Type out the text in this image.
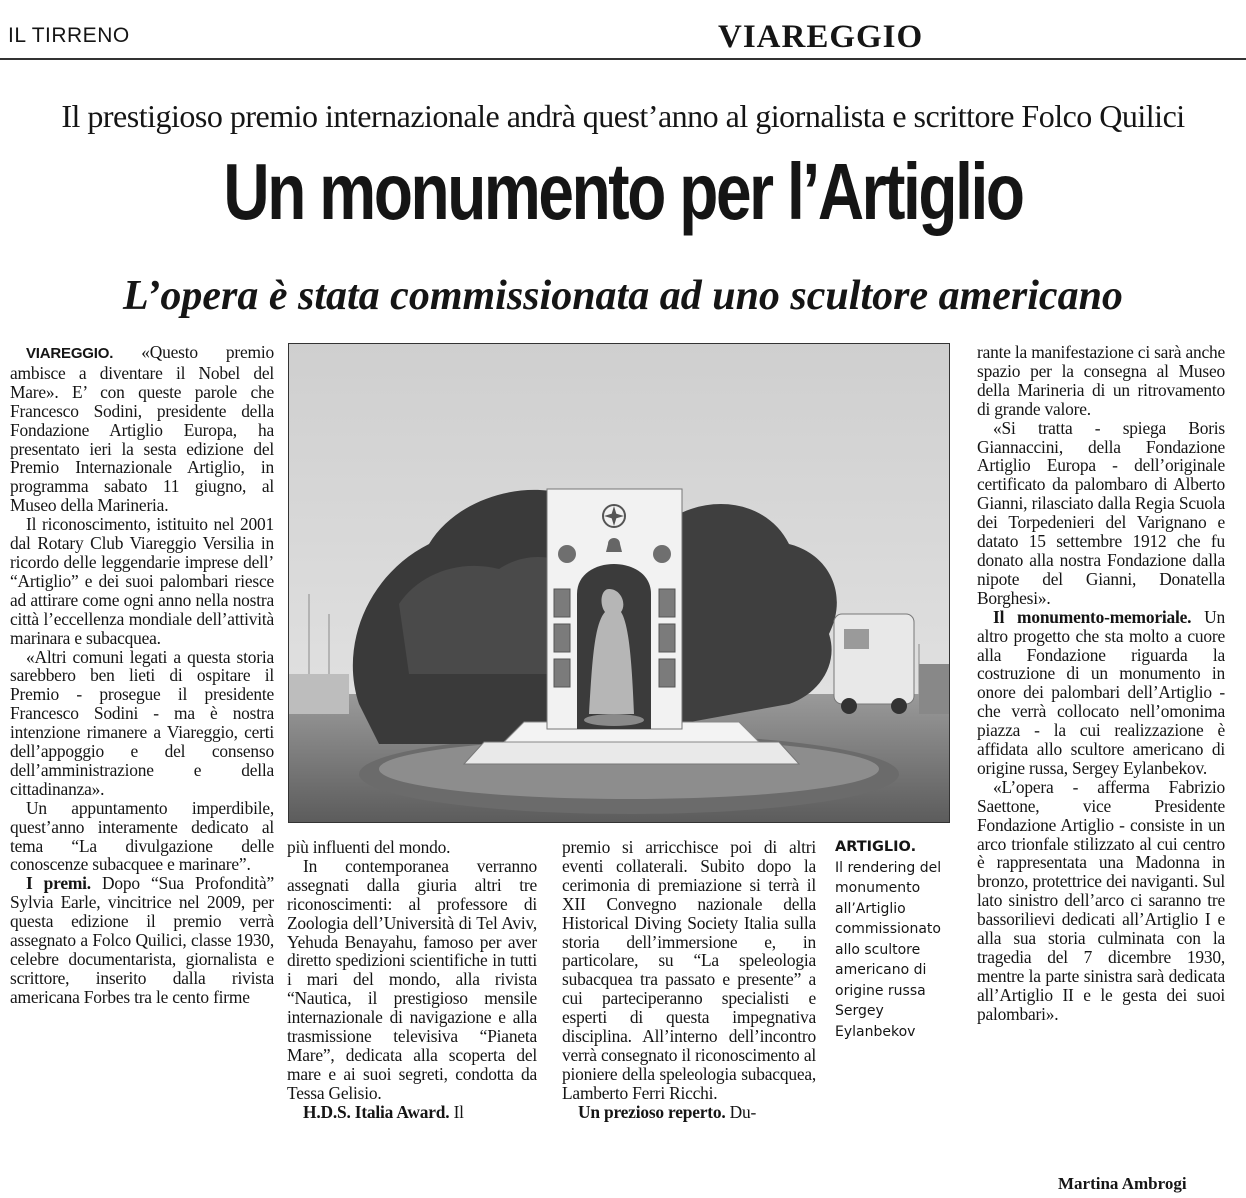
IL TIRRENO	VIAREGGIO
Il prestigioso premio internazionale andrà quest’anno al giornalista e scrittore Folco Quilici
Un monumento per l’Artiglio
L’opera è stata commissionata ad uno scultore americano

VIAREGGIO. «Questo premio ambisce a diventare il Nobel del Mare». E’ con queste parole che Francesco Sodini, presidente della Fondazione Artiglio Europa, ha presentato ieri la sesta edizione del Premio Internazionale Artiglio, in programma sabato 11 giugno, al Museo della Marineria.

Il riconoscimento, istituito nel 2001 dal Rotary Club Viareggio Versilia in ricordo delle leggendarie imprese dell’ “Artiglio” e dei suoi palombari riesce ad attirare come ogni anno nella nostra città l’eccellenza mondiale dell’attività marinara e subacquea.

«Altri comuni legati a questa storia sarebbero ben lieti di ospitare il Premio - prosegue il presidente Francesco Sodini - ma è nostra intenzione rimanere a Viareggio, certi dell’appoggio e del consenso dell’amministrazione e della cittadinanza».

Un appuntamento imperdibile, quest’anno interamente dedicato al tema “La divulgazione delle conoscenze subacquee e marinare”.

I premi. Dopo “Sua Profondità” Sylvia Earle, vincitrice nel 2009, per questa edizione il premio verrà assegnato a Folco Quilici, classe 1930, celebre documentarista, giornalista e scrittore, inserito dalla rivista americana Forbes tra le cento firme

più influenti del mondo.

In contemporanea verranno assegnati dalla giuria altri tre riconoscimenti: al professore di Zoologia dell’Università di Tel Aviv, Yehuda Benayahu, famoso per aver diretto spedizioni scientifiche in tutti i mari del mondo, alla rivista “Nautica, il prestigioso mensile internazionale di navigazione e alla trasmissione televisiva “Pianeta Mare”, dedicata alla scoperta del mare e ai suoi segreti, condotta da Tessa Gelisio.

H.D.S. Italia Award. Il

premio si arricchisce poi di altri eventi collaterali. Subito dopo la cerimonia di premiazione si terrà il XII Convegno nazionale della Historical Diving Society Italia sulla storia dell’immersione e, in particolare, su “La speleologia subacquea tra passato e presente” a cui parteciperanno specialisti e esperti di questa impegnativa disciplina. All’interno dell’incontro verrà consegnato il riconoscimento al pioniere della speleologia subacquea, Lamberto Ferri Ricchi.

Un prezioso reperto. Du-

ARTIGLIO.
Il rendering del monumento all’Artiglio commissionato allo scultore americano di origine russa Sergey Eylanbekov

rante la manifestazione ci sarà anche spazio per la consegna al Museo della Marineria di un ritrovamento di grande valore.

«Si tratta - spiega Boris Giannaccini, della Fondazione Artiglio Europa - dell’originale certificato da palombaro di Alberto Gianni, rilasciato dalla Regia Scuola dei Torpedenieri del Varignano e datato 15 settembre 1912 che fu donato alla nostra Fondazione dalla nipote del Gianni, Donatella Borghesi».

Il monumento-memoriale. Un altro progetto che sta molto a cuore alla Fondazione riguarda la costruzione di un monumento in onore dei palombari dell’Artiglio - che verrà collocato nell’omonima piazza - la cui realizzazione è affidata allo scultore americano di origine russa, Sergey Eylanbekov.

«L’opera - afferma Fabrizio Saettone, vice Presidente Fondazione Artiglio - consiste in un arco trionfale stilizzato al cui centro è rappresentata una Madonna in bronzo, protettrice dei naviganti. Sul lato sinistro dell’arco ci saranno tre bassorilievi dedicati all’Artiglio I e alla sua storia culminata con la tragedia del 7 dicembre 1930, mentre la parte sinistra sarà dedicata all’Artiglio II e le gesta dei suoi palombari».

Martina Ambrogi
